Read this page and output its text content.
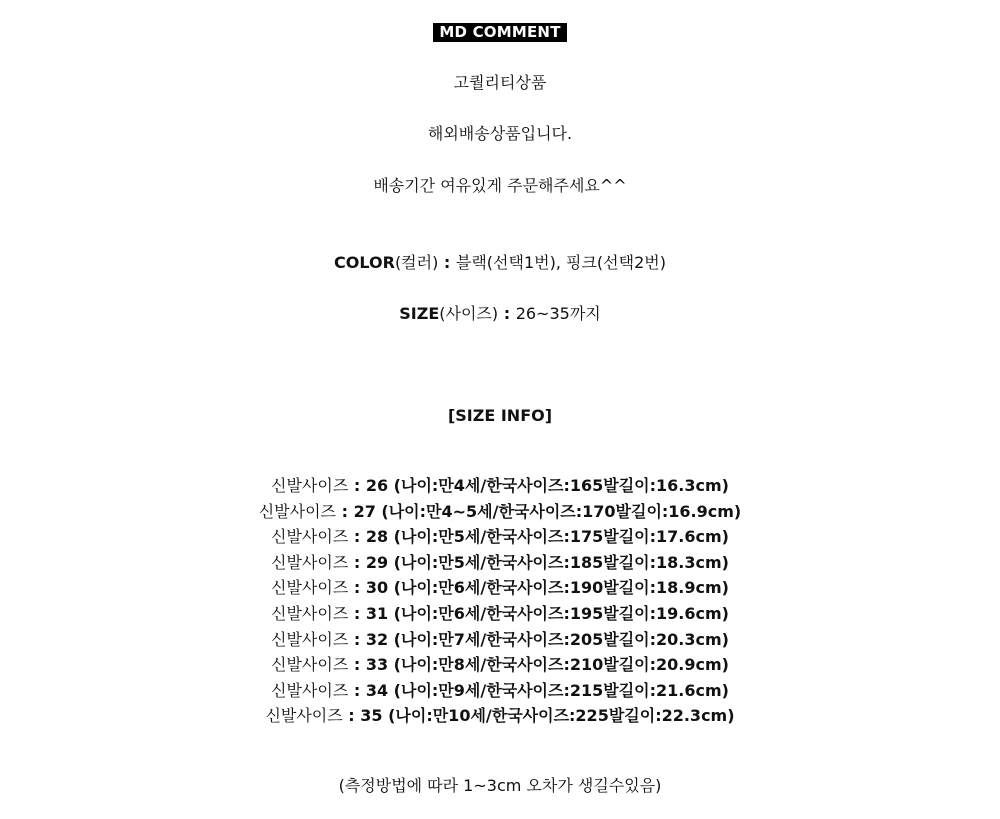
MD COMMENT
고퀄리티상품
해외배송상품입니다.
배송기간 여유있게 주문해주세요^^
COLOR(컬러) : 블랙(선택1번), 핑크(선택2번)
SIZE(사이즈) : 26~35까지
[SIZE INFO]
신발사이즈 : 26 (나이:만4세/한국사이즈:165발길이:16.3cm)
신발사이즈 : 27 (나이:만4~5세/한국사이즈:170발길이:16.9cm)
신발사이즈 : 28 (나이:만5세/한국사이즈:175발길이:17.6cm)
신발사이즈 : 29 (나이:만5세/한국사이즈:185발길이:18.3cm)
신발사이즈 : 30 (나이:만6세/한국사이즈:190발길이:18.9cm)
신발사이즈 : 31 (나이:만6세/한국사이즈:195발길이:19.6cm)
신발사이즈 : 32 (나이:만7세/한국사이즈:205발길이:20.3cm)
신발사이즈 : 33 (나이:만8세/한국사이즈:210발길이:20.9cm)
신발사이즈 : 34 (나이:만9세/한국사이즈:215발길이:21.6cm)
신발사이즈 : 35 (나이:만10세/한국사이즈:225발길이:22.3cm)
(측정방법에 따라 1~3cm 오차가 생길수있음)
